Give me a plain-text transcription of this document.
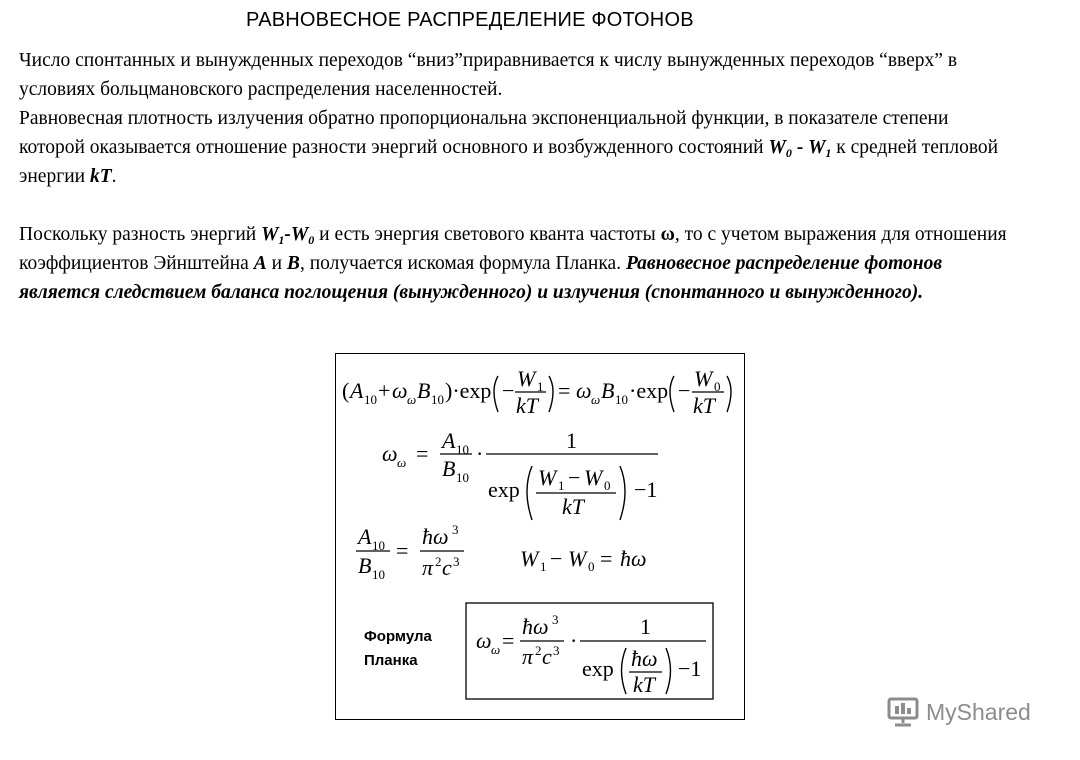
РАВНОВЕСНОЕ РАСПРЕДЕЛЕНИЕ ФОТОНОВ
Число спонтанных и вынужденных переходов “вниз”приравнивается к числу вынужденных переходов “вверх” в условиях больцмановского распределения населенностей.
Равновесная плотность излучения обратно пропорциональна экспоненциальной функции, в показателе степени которой оказывается отношение разности энергий основного и возбужденного состояний $W_0 - W_1$ к средней тепловой энергии kT.
Поскольку разность энергий $W_1-W_0$ и есть энергия светового кванта частоты ω, то с учетом выражения для отношения коэффициентов Эйнштейна A и B, получается искомая формула Планка. Равновесное распределение фотонов является следствием баланса поглощения (вынужденного) и излучения (спонтанного и вынужденного).
( A 10 + ω ω B 10 )·exp − W 1
kT
= ω ω B 10 ·exp − W 0
kT
ω ω =
A 10
B 10
·
1
exp W 1 − W 0
kT
−1
A 10
B 10
=
ħω 3
π 2 c 3	W 1 − W 0 = ħω
Формула
Планка
ω ω =
ħω 3
π 2 c 3 ·
1
exp ħω
kT
−1
MyShared
